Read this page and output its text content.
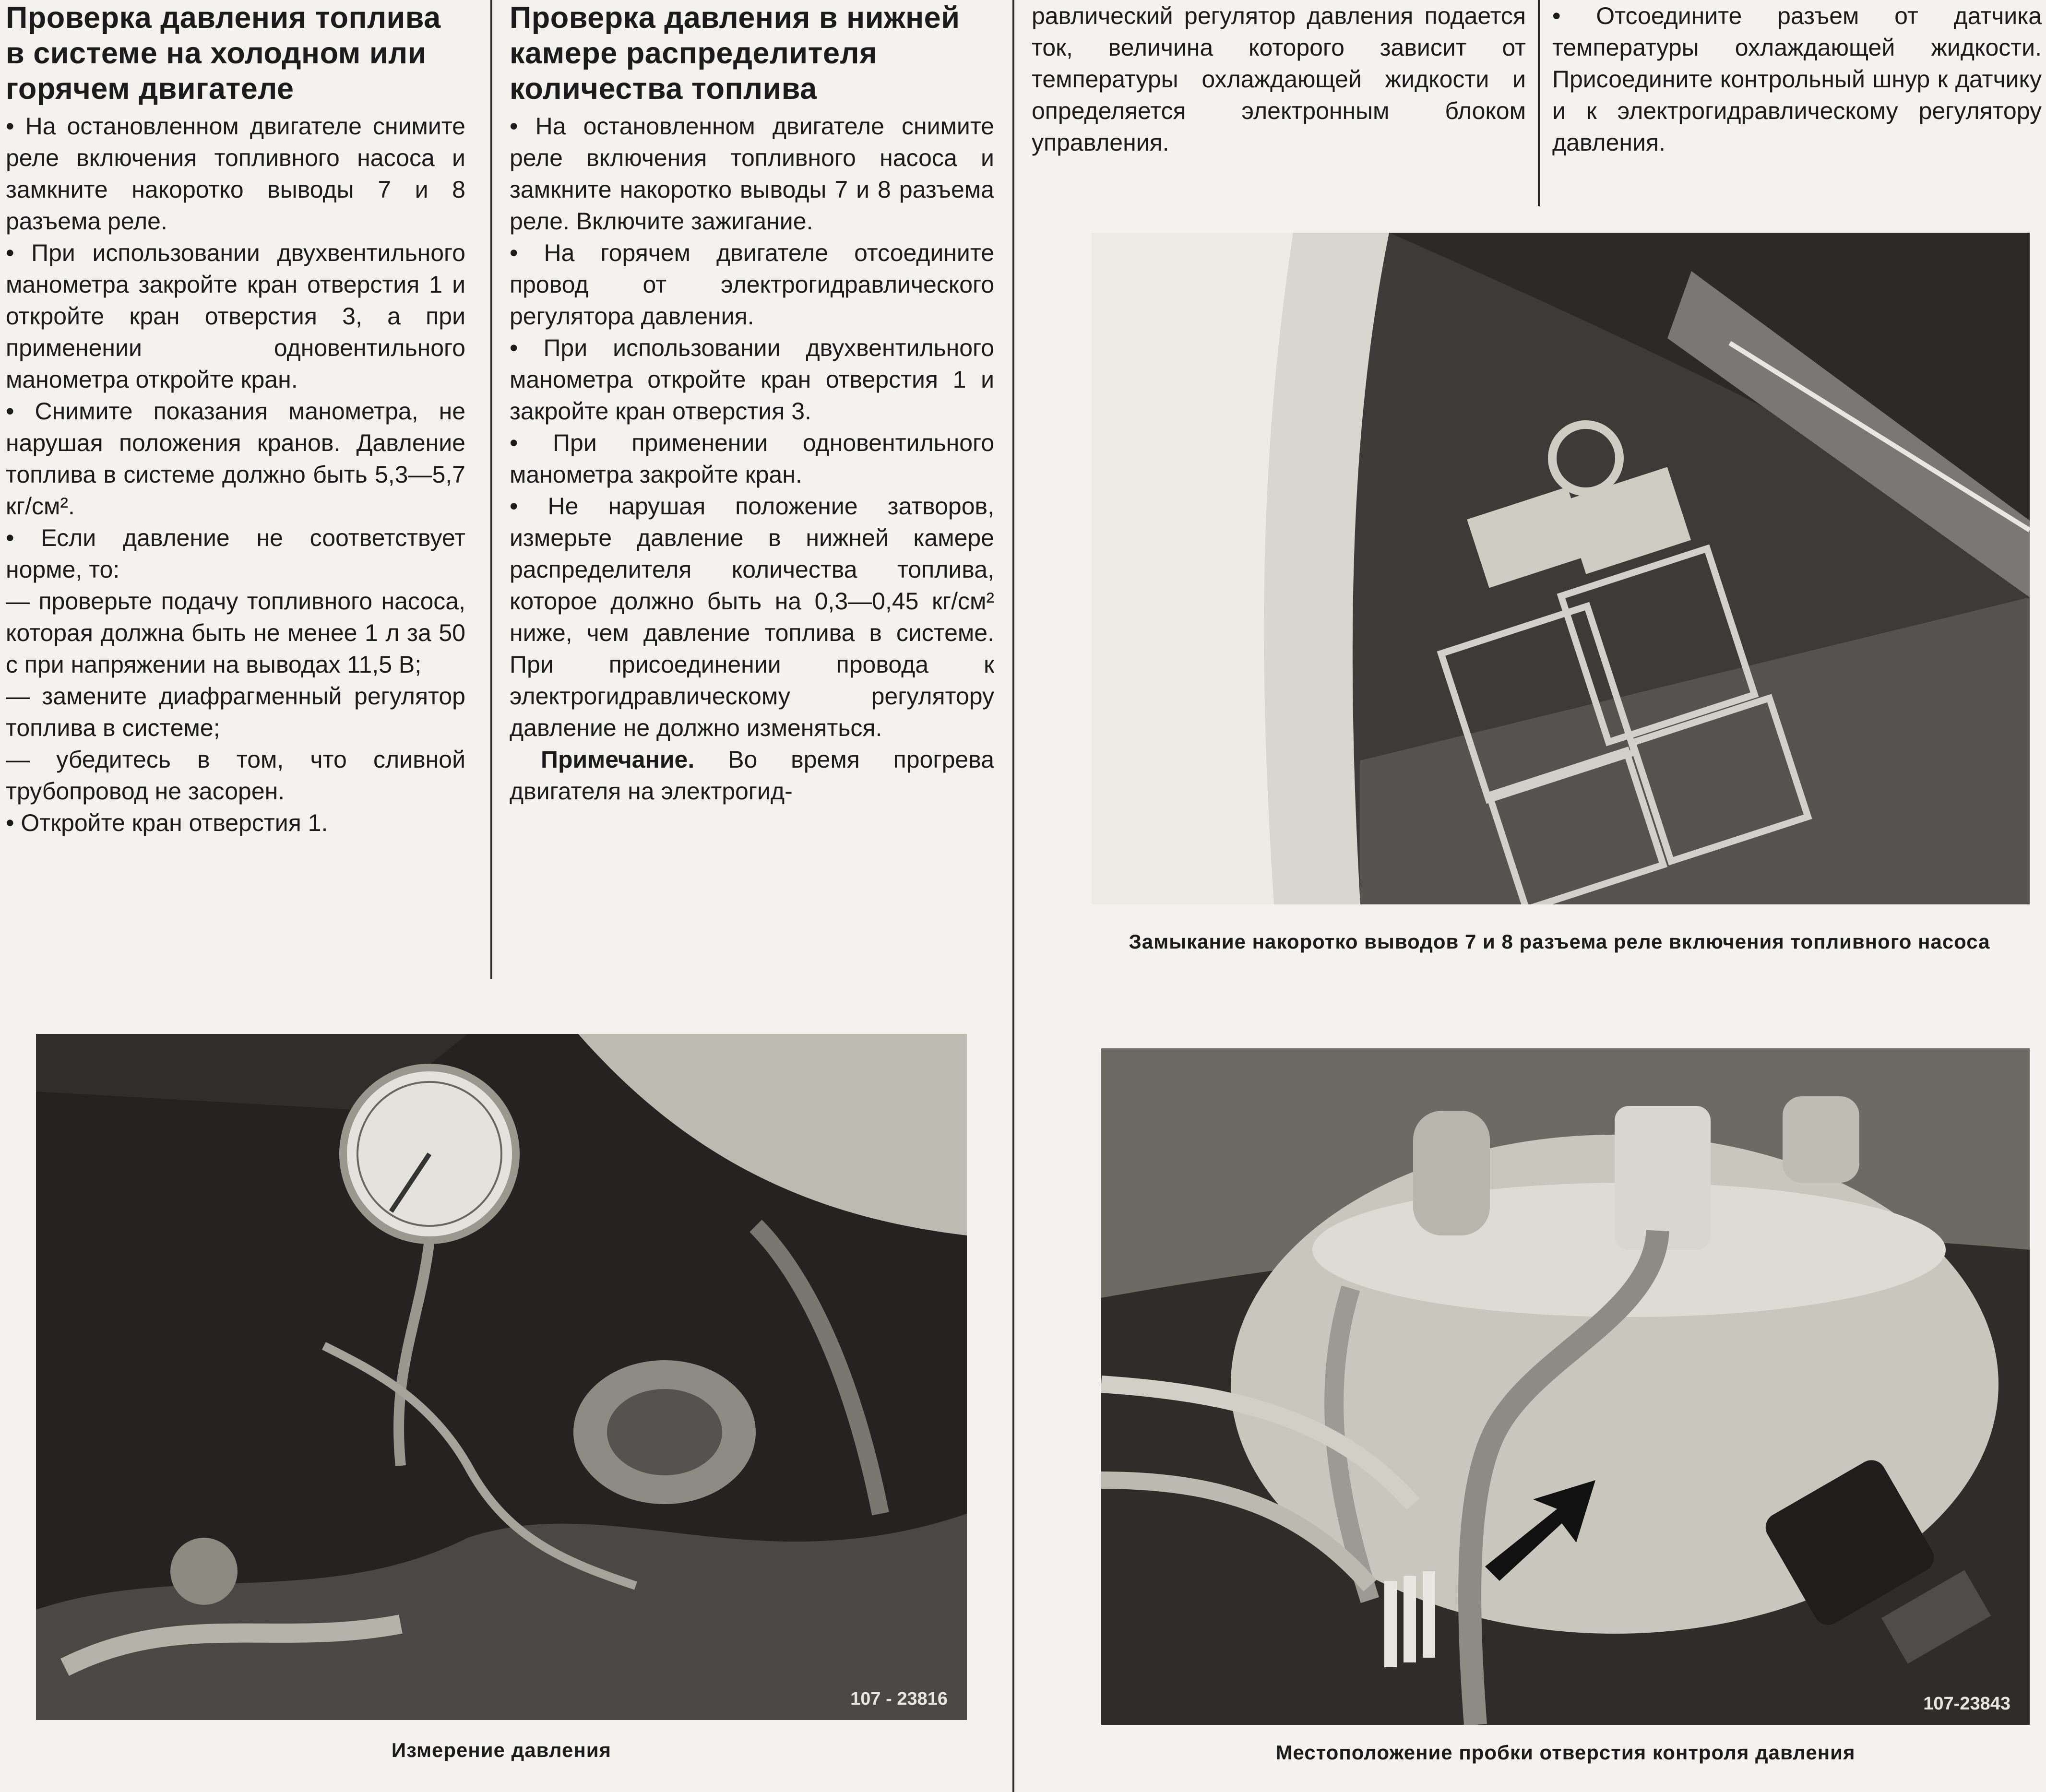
Проверка давления топлива в системе на холодном или горячем двигателе

• На остановленном двигателе снимите реле включения топливного насоса и замкните накоротко выводы 7 и 8 разъема реле.

• При использовании двухвентильного манометра закройте кран отверстия 1 и откройте кран отверстия 3, а при применении одновентильного манометра откройте кран.

• Снимите показания манометра, не нарушая положения кранов. Давление топлива в системе должно быть 5,3—5,7 кг/см².

• Если давление не соответствует норме, то:

— проверьте подачу топливного насоса, которая должна быть не менее 1 л за 50 с при напряжении на выводах 11,5 В;

— замените диафрагменный регулятор топлива в системе;

— убедитесь в том, что сливной трубопровод не засорен.

• Откройте кран отверстия 1.

Проверка давления в нижней камере распределителя количества топлива

• На остановленном двигателе снимите реле включения топливного насоса и замкните накоротко выводы 7 и 8 разъема реле. Включите зажигание.

• На горячем двигателе отсоедините провод от электрогидравлического регулятора давления.

• При использовании двухвентильного манометра откройте кран отверстия 1 и закройте кран отверстия 3.

• При применении одновентильного манометра закройте кран.

• Не нарушая положение затворов, измерьте давление в нижней камере распределителя количества топлива, которое должно быть на 0,3—0,45 кг/см² ниже, чем давление топлива в системе. При присоединении провода к электрогидравлическому регулятору давление не должно изменяться.

Примечание. Во время прогрева двигателя на электрогид-

равлический регулятор давления подается ток, величина которого зависит от температуры охлаждающей жидкости и определяется электронным блоком управления.

• Отсоедините разъем от датчика температуры охлаждающей жидкости. Присоедините контрольный шнур к датчику и к электрогидравлическому регулятору давления.

Замыкание накоротко выводов 7 и 8 разъема реле включения топливного насоса
107 - 23816
Измерение давления
107-23843
Местоположение пробки отверстия контроля давления
